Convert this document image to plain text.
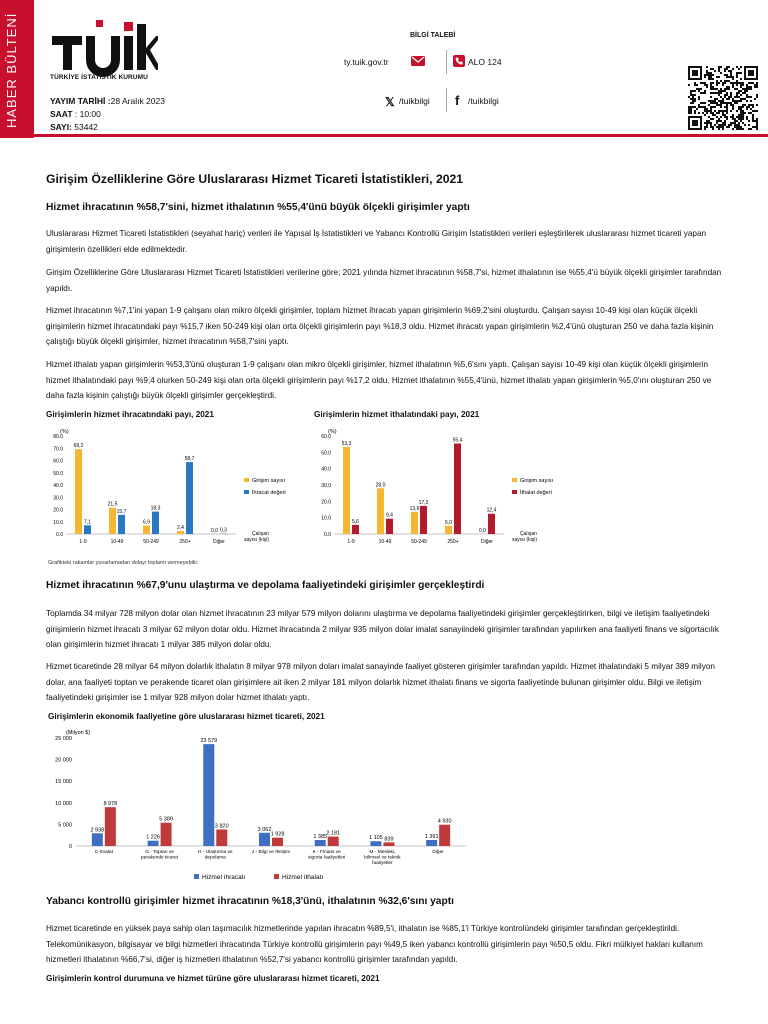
HABER BÜLTENİ	TÜRKİYE İSTATİSTİK KURUMU
YAYIM TARİHİ :28 Aralık 2023
SAAT : 10:00
SAYI: 53442
BİLGİ TALEBİ
ty.tuik.gov.tr	ALO 124
𝕏 /tuikbilgi f /tuikbilgi
Girişim Özelliklerine Göre Uluslararası Hizmet Ticareti İstatistikleri, 2021
Hizmet ihracatının %58,7'sini, hizmet ithalatının %55,4'ünü büyük ölçekli girişimler yaptı
Uluslararası Hizmet Ticareti İstatistikleri (seyahat hariç) verileri ile Yapısal İş İstatistikleri ve Yabancı Kontrollü Girişim İstatistikleri verileri eşleştirilerek uluslararası hizmet ticareti yapan girişimlerin özellikleri elde edilmektedir.
Girişim Özelliklerine Göre Uluslararası Hizmet Ticareti İstatistikleri verilerine göre; 2021 yılında hizmet ihracatının %58,7'si, hizmet ithalatının ise %55,4'ü büyük ölçekli girişimler tarafından yapıldı.
Hizmet ihracatının %7,1'ini yapan 1-9 çalışanı olan mikro ölçekli girişimler, toplam hizmet ihracatı yapan girişimlerin %69,2'sini oluşturdu. Çalışan sayısı 10-49 kişi olan küçük ölçekli girişimlerin hizmet ihracatındaki payı %15,7 iken 50-249 kişi olan orta ölçekli girişimlerin payı %18,3 oldu. Hizmet ihracatı yapan girişimlerin %2,4'ünü oluşturan 250 ve daha fazla kişinin çalıştığı büyük ölçekli girişimler, hizmet ihracatının %58,7'sini yaptı.
Hizmet ithalatı yapan girişimlerin %53,3'ünü oluşturan 1-9 çalışanı olan mikro ölçekli girişimler, hizmet ithalatının %5,6'sını yaptı. Çalışan sayısı 10-49 kişi olan küçük ölçekli girişimlerin hizmet ithalatındaki payı %9,4 olurken 50-249 kişi olan orta ölçekli girişimlerin payı %17,2 oldu. Hizmet ithalatının %55,4'ünü, hizmet ithalatı yapan girişimlerin %5,0'ını oluşturan 250 ve daha fazla kişinin çalıştığı büyük ölçekli girişimler gerçekleştirdi.
Girişimlerin hizmet ihracatındaki payı, 2021
(%)
0.0
10.0
20.0
30.0
40.0
50.0
60.0
70.0
80.0
69,2
7,1
1-9
21,5
15,7
10-49
6,9
18,3
50-249
2,4
58,7
250+
0,0 0,3
Diğer
Girişim sayısı
İhracat değeri
Çalışan
sayısı (kişi)
Girişimlerin hizmet ithalatındaki payı, 2021
(%)
0.0
10.0
20.0
30.0
40.0
50.0
60.0
53,3
5,6
1-9
28,0
9,4
10-49
13,6
17,2
50-249
5,0
55,4
250+
0,0
12,4
Diğer
Girişim sayısı
İthalat değeri
Çalışan
sayısı (kişi)
Grafikteki rakamlar yuvarlamadan dolayı toplamı vermeyebilir.
Hizmet ihracatının %67,9'unu ulaştırma ve depolama faaliyetindeki girişimler gerçekleştirdi
Toplamda 34 milyar 728 milyon dolar olan hizmet ihracatının 23 milyar 579 milyon dolarını ulaştırma ve depolama faaliyetindeki girişimler gerçekleştirirken, bilgi ve iletişim faaliyetindeki girişimlerin hizmet ihracatı 3 milyar 62 milyon dolar oldu. Hizmet ihracatında 2 milyar 935 milyon dolar imalat sanayiindeki girişimler tarafından yapılırken ana faaliyeti finans ve sigortacılık olan girişimlerin hizmet ihracatı 1 milyar 385 milyon dolar oldu.
Hizmet ticaretinde 28 milyar 64 milyon dolarlık ithalatın 8 milyar 978 milyon doları imalat sanayinde faaliyet gösteren girişimler tarafından yapıldı. Hizmet ithalatındaki 5 milyar 389 milyon dolar, ana faaliyeti toptan ve perakende ticaret olan girişimlere ait iken 2 milyar 181 milyon dolarlık hizmet ithalatı finans ve sigorta faaliyetinde bulunan girişimler oldu. Bilgi ve iletişim faaliyetindeki girişimler ise 1 milyar 928 milyon dolar hizmet ithalatı yaptı.
Girişimlerin ekonomik faaliyetine göre uluslararası hizmet ticareti, 2021
(Milyon $)
0
5 000
10 000
15 000
20 000
25 000
2 938
8 978
C-İmalat
1 226
5 389
G - Toptan ve
perakende ticaret
23 579
3 820
H - Ulaştırma ve
depolama
3 062
1 928
J - Bilgi ve İletişim
1 385
2 181
K - Finans ve
sigorta faaliyetleri
1 105 839
M - Mesleki,
bilimsel ve teknik
faaliyetler
1 391
4 930
Diğer
Hizmet ihracatı	Hizmet ithalatı
Yabancı kontrollü girişimler hizmet ihracatının %18,3'ünü, ithalatının %32,6'sını yaptı
Hizmet ticaretinde en yüksek paya sahip olan taşımacılık hizmetlerinde yapılan ihracatın %89,5'i, ithalatın ise %85,1'i Türkiye kontrolündeki girişimler tarafından gerçekleştirildi. Telekomünikasyon, bilgisayar ve bilgi hizmetleri ihracatında Türkiye kontrollü girişimlerin payı %49,5 iken yabancı kontrollü girişimlerin payı %50,5 oldu. Fikri mülkiyet hakları kullanım hizmetleri ithalatının %66,7'si, diğer iş hizmetleri ithalatının %52,7'si yabancı kontrollü girişimler tarafından yapıldı.
Girişimlerin kontrol durumuna ve hizmet türüne göre uluslararası hizmet ticareti, 2021
